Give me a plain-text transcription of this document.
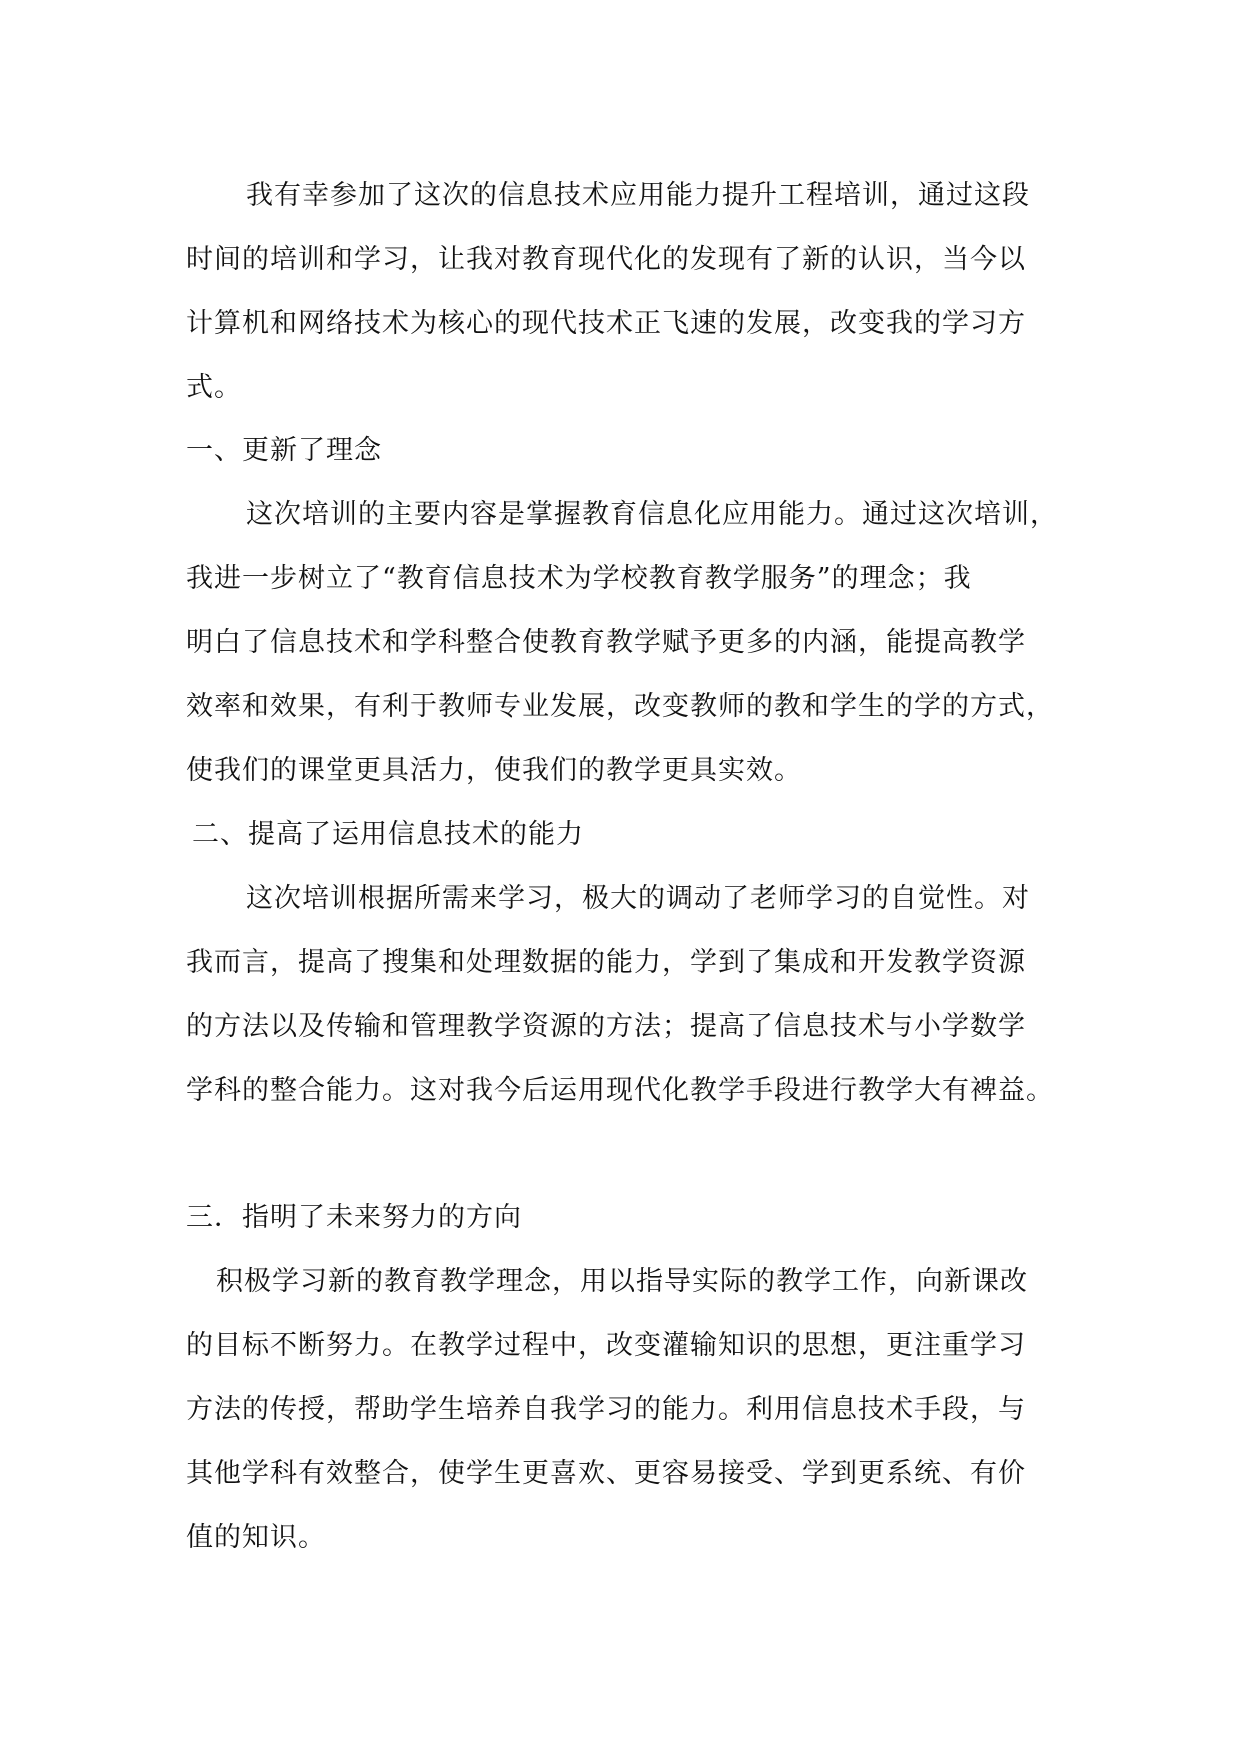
我有幸参加了这次的信息技术应用能力提升工程培训，通过这段
时间的培训和学习，让我对教育现代化的发现有了新的认识，当今以
计算机和网络技术为核心的现代技术正飞速的发展，改变我的学习方
式。
一、更新了理念
这次培训的主要内容是掌握教育信息化应用能力。通过这次培训，
我进一步树立了“教育信息技术为学校教育教学服务”的理念；我
明白了信息技术和学科整合使教育教学赋予更多的内涵，能提高教学
效率和效果，有利于教师专业发展，改变教师的教和学生的学的方式，
使我们的课堂更具活力，使我们的教学更具实效。
二、提高了运用信息技术的能力
这次培训根据所需来学习，极大的调动了老师学习的自觉性。对
我而言，提高了搜集和处理数据的能力，学到了集成和开发教学资源
的方法以及传输和管理教学资源的方法；提高了信息技术与小学数学
学科的整合能力。这对我今后运用现代化教学手段进行教学大有裨益。
三．指明了未来努力的方向
积极学习新的教育教学理念，用以指导实际的教学工作，向新课改
的目标不断努力。在教学过程中，改变灌输知识的思想，更注重学习
方法的传授，帮助学生培养自我学习的能力。利用信息技术手段，与
其他学科有效整合，使学生更喜欢、更容易接受、学到更系统、有价
值的知识。
